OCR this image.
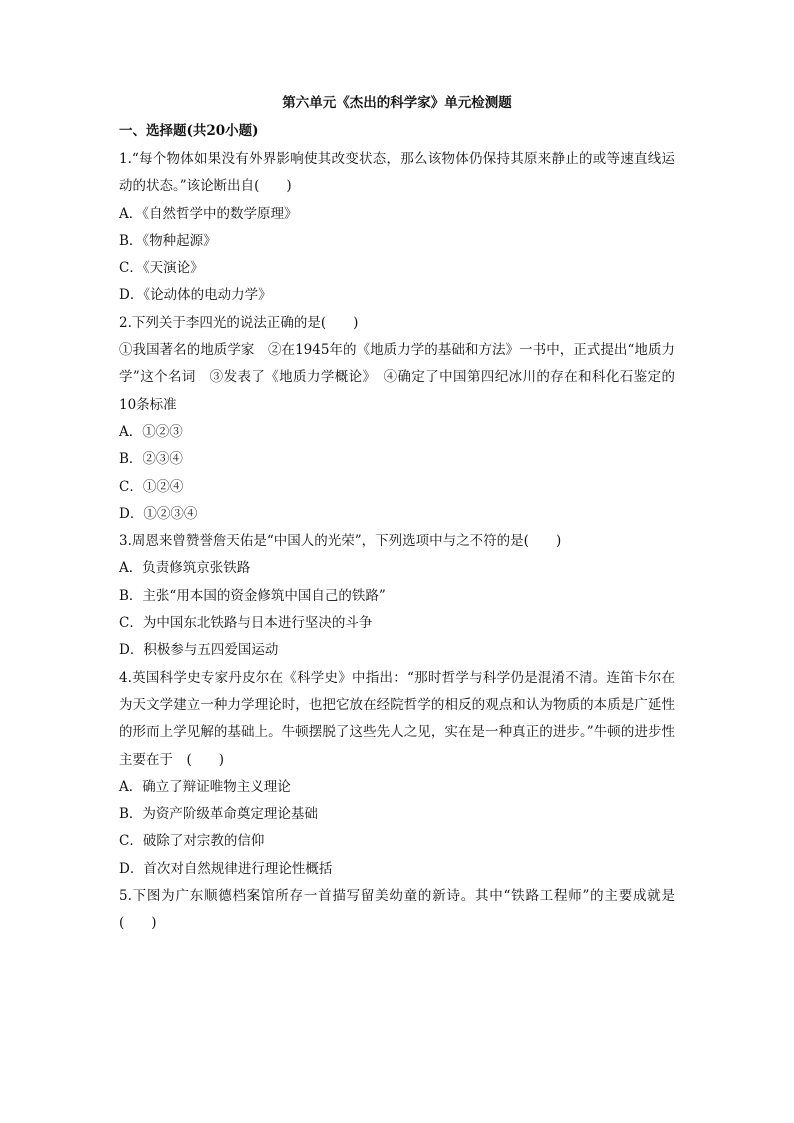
第六单元《杰出的科学家》单元检测题
一、选择题(共20小题)

1.“每个物体如果没有外界影响使其改变状态，那么该物体仍保持其原来静止的或等速直线运动的状态。”该论断出自(　　)

A．《自然哲学中的数学原理》

B．《物种起源》

C．《天演论》

D．《论动体的电动力学》

2.下列关于李四光的说法正确的是(　　)

①我国著名的地质学家　②在1945年的《地质力学的基础和方法》一书中，正式提出“地质力学”这个名词　③发表了《地质力学概论》　④确定了中国第四纪冰川的存在和科化石鉴定的10条标准

A．①②③

B．②③④

C．①②④

D．①②③④

3.周恩来曾赞誉詹天佑是“中国人的光荣”，下列选项中与之不符的是(　　)

A．负责修筑京张铁路

B．主张“用本国的资金修筑中国自己的铁路”

C．为中国东北铁路与日本进行坚决的斗争

D．积极参与五四爱国运动

4.英国科学史专家丹皮尔在《科学史》中指出：“那时哲学与科学仍是混淆不清。连笛卡尔在为天文学建立一种力学理论时，也把它放在经院哲学的相反的观点和认为物质的本质是广延性的形而上学见解的基础上。牛顿摆脱了这些先人之见，实在是一种真正的进步。”牛顿的进步性主要在于　(　　)

A．确立了辩证唯物主义理论

B．为资产阶级革命奠定理论基础

C．破除了对宗教的信仰

D．首次对自然规律进行理论性概括

5.下图为广东顺德档案馆所存一首描写留美幼童的新诗。其中“铁路工程师”的主要成就是(　　)
